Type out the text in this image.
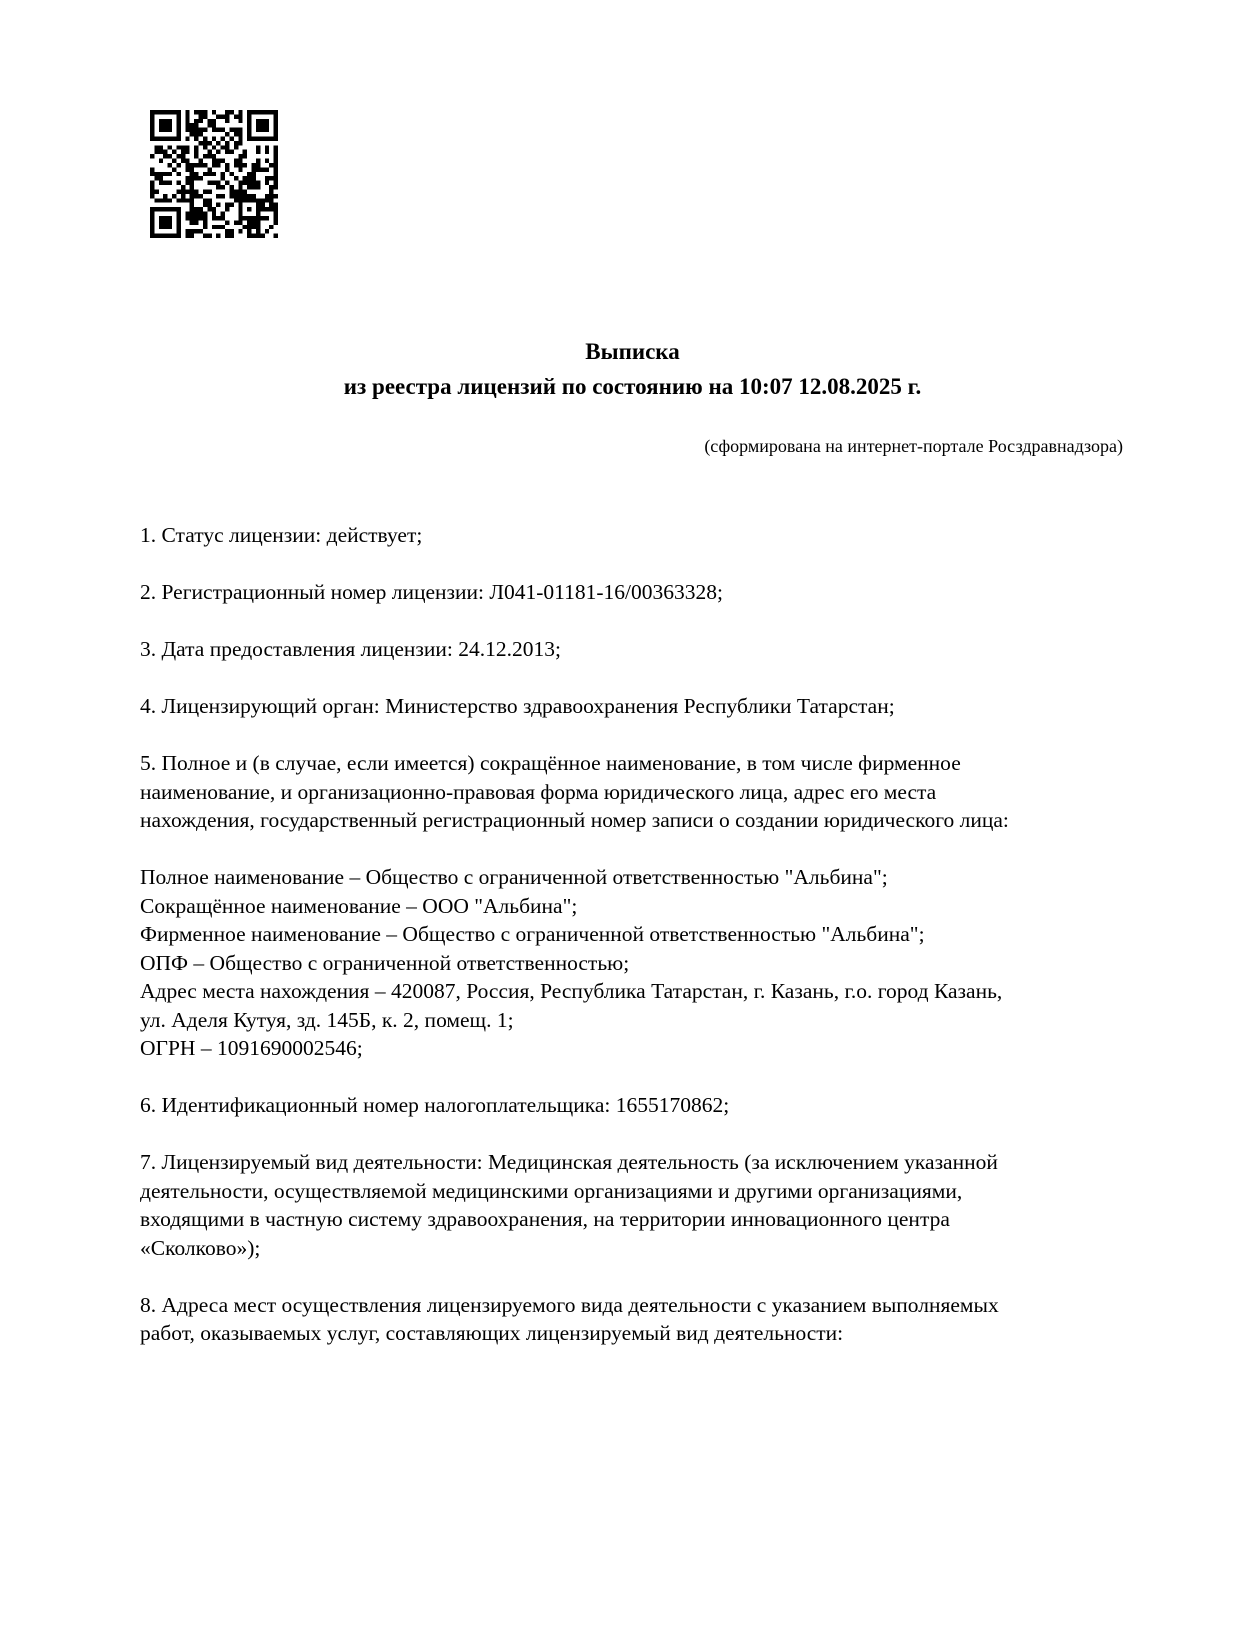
Выписка
из реестра лицензий по состоянию на 10:07 12.08.2025 г.
(сформирована на интернет-портале Росздравнадзора)

1. Статус лицензии: действует;

2. Регистрационный номер лицензии: Л041-01181-16/00363328;

3. Дата предоставления лицензии: 24.12.2013;

4. Лицензирующий орган: Министерство здравоохранения Республики Татарстан;

5. Полное и (в случае, если имеется) сокращённое наименование, в том числе фирменное
наименование, и организационно-правовая форма юридического лица, адрес его места
нахождения, государственный регистрационный номер записи о создании юридического лица:

Полное наименование – Общество с ограниченной ответственностью "Альбина";
Сокращённое наименование – ООО "Альбина";
Фирменное наименование – Общество с ограниченной ответственностью "Альбина";
ОПФ – Общество с ограниченной ответственностью;
Адрес места нахождения – 420087, Россия, Республика Татарстан, г. Казань, г.о. город Казань,
ул. Аделя Кутуя, зд. 145Б, к. 2, помещ. 1;
ОГРН – 1091690002546;

6. Идентификационный номер налогоплательщика: 1655170862;

7. Лицензируемый вид деятельности: Медицинская деятельность (за исключением указанной
деятельности, осуществляемой медицинскими организациями и другими организациями,
входящими в частную систему здравоохранения, на территории инновационного центра
«Сколково»);

8. Адреса мест осуществления лицензируемого вида деятельности с указанием выполняемых
работ, оказываемых услуг, составляющих лицензируемый вид деятельности:
